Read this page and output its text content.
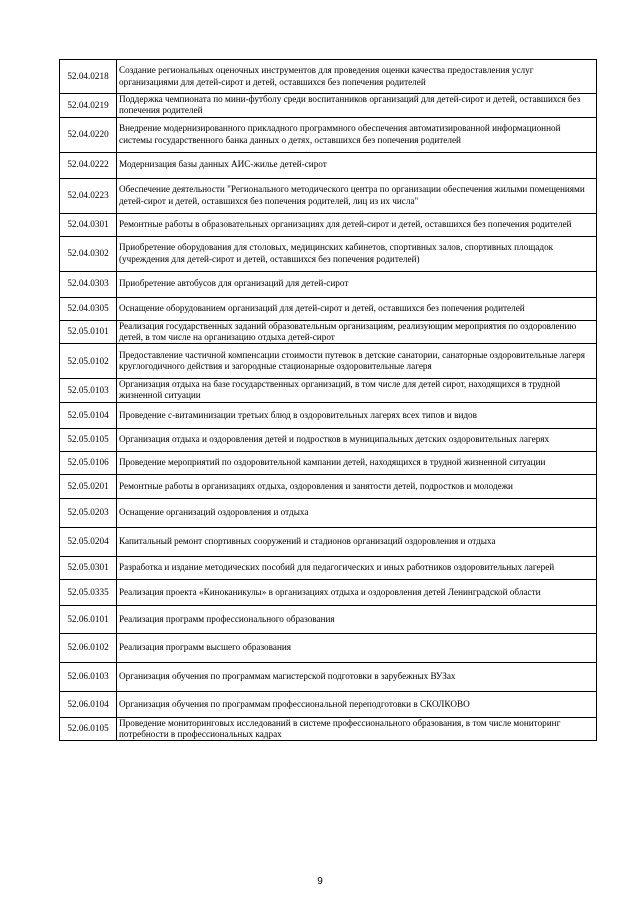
52.04.0218	Создание региональных оценочных инструментов для проведения оценки качества предоставления услуг организациями для детей-сирот и детей, оставшихся без попечения родителей
52.04.0219	Поддержка чемпионата по мини-футболу среди воспитанников организаций для детей-сирот и детей, оставшихся без попечения родителей
52.04.0220	Внедрение модернизированного прикладного программного обеспечения автоматизированной информационной системы государственного банка данных о детях, оставшихся без попечения родителей
52.04.0222	Модернизация базы данных АИС-жилье детей-сирот
52.04.0223	Обеспечение деятельности "Регионального методического центра по организации обеспечения жилыми помещениями детей-сирот и детей, оставшихся без попечения родителей, лиц из их числа"
52.04.0301	Ремонтные работы в образовательных организациях для детей-сирот и детей, оставшихся без попечения родителей
52.04.0302	Приобретение оборудования для столовых, медицинских кабинетов, спортивных залов, спортивных площадок (учреждения для детей-сирот и детей, оставшихся без попечения родителей)
52.04.0303	Приобретение автобусов для организаций для детей-сирот
52.04.0305	Оснащение оборудованием организаций для детей-сирот и детей, оставшихся без попечения родителей
52.05.0101	Реализация государственных заданий образовательным организациям, реализующим мероприятия по оздоровлению детей, в том числе на организацию отдыха детей-сирот
52.05.0102	Предоставление частичной компенсации стоимости путевок в детские санатории, санаторные оздоровительные лагеря круглогодичного действия и загородные стационарные оздоровительные лагеря
52.05.0103	Организация отдыха на базе государственных организаций, в том числе для детей сирот, находящихся в трудной жизненной ситуации
52.05.0104	Проведение с-витаминизации третьих блюд в оздоровительных лагерях всех типов и видов
52.05.0105	Организация отдыха и оздоровления детей и подростков в муниципальных детских оздоровительных лагерях
52.05.0106	Проведение мероприятий по оздоровительной кампании детей, находящихся в трудной жизненной ситуации
52.05.0201	Ремонтные работы в организациях отдыха, оздоровления и занятости детей, подростков и молодежи
52.05.0203	Оснащение организаций оздоровления и отдыха
52.05.0204	Капитальный ремонт спортивных сооружений и стадионов организаций оздоровления и отдыха
52.05.0301	Разработка и издание методических пособий для педагогических и иных работников оздоровительных лагерей
52.05.0335	Реализация проекта «Киноканикулы» в организациях отдыха и оздоровления детей Ленинградской области
52.06.0101	Реализация программ профессионального образования
52.06.0102	Реализация программ высшего образования
52.06.0103	Организация обучения по программам магистерской подготовки в зарубежных ВУЗах
52.06.0104	Организация обучения по программам профессиональной переподготовки в СКОЛКОВО
52.06.0105	Проведение мониторинговых исследований в системе профессионального образования, в том числе мониторинг потребности в профессиональных кадрах
9
